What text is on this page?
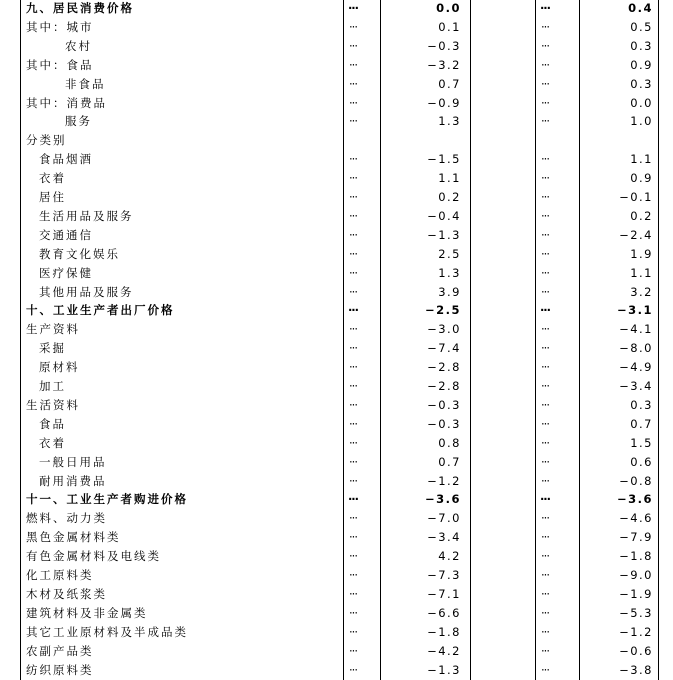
九、居民消费价格	···	0.0	···	0.4
其中：城市	···	0.1	···	0.5
农村	···	−0.3	···	0.3
其中：食品	···	−3.2	···	0.9
非食品	···	0.7	···	0.3
其中：消费品	···	−0.9	···	0.0
服务	···	1.3	···	1.0
分类别
食品烟酒	···	−1.5	···	1.1
衣着	···	1.1	···	0.9
居住	···	0.2	···	−0.1
生活用品及服务	···	−0.4	···	0.2
交通通信	···	−1.3	···	−2.4
教育文化娱乐	···	2.5	···	1.9
医疗保健	···	1.3	···	1.1
其他用品及服务	···	3.9	···	3.2
十、工业生产者出厂价格	···	−2.5	···	−3.1
生产资料	···	−3.0	···	−4.1
采掘	···	−7.4	···	−8.0
原材料	···	−2.8	···	−4.9
加工	···	−2.8	···	−3.4
生活资料	···	−0.3	···	0.3
食品	···	−0.3	···	0.7
衣着	···	0.8	···	1.5
一般日用品	···	0.7	···	0.6
耐用消费品	···	−1.2	···	−0.8
十一、工业生产者购进价格	···	−3.6	···	−3.6
燃料、动力类	···	−7.0	···	−4.6
黑色金属材料类	···	−3.4	···	−7.9
有色金属材料及电线类	···	4.2	···	−1.8
化工原料类	···	−7.3	···	−9.0
木材及纸浆类	···	−7.1	···	−1.9
建筑材料及非金属类	···	−6.6	···	−5.3
其它工业原材料及半成品类	···	−1.8	···	−1.2
农副产品类	···	−4.2	···	−0.6
纺织原料类	···	−1.3	···	−3.8
